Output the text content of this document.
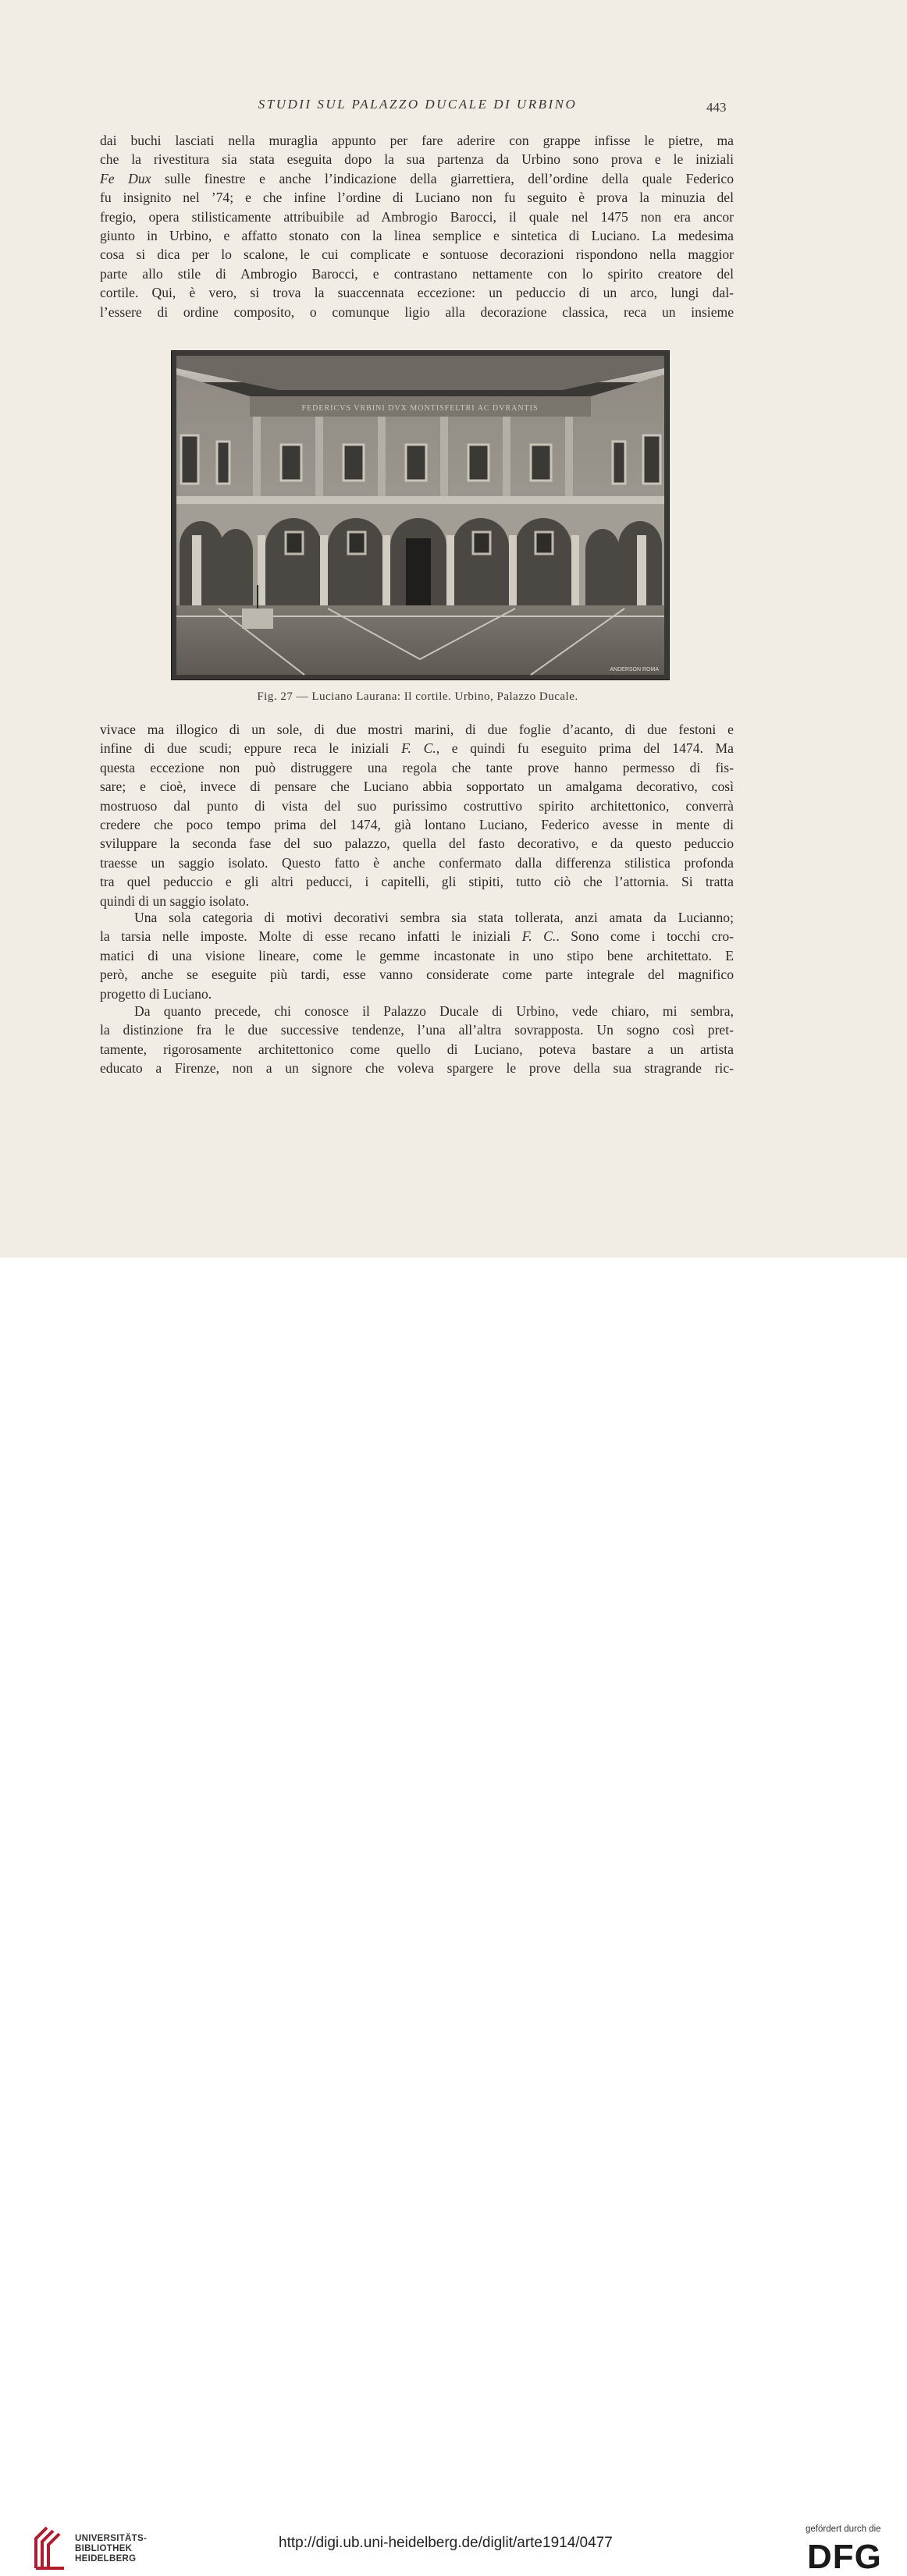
STUDII SUL PALAZZO DUCALE DI URBINO	443

dai buchi lasciati nella muraglia appunto per fare aderire con grappe infisse le pietre, ma
che la rivestitura sia stata eseguita dopo la sua partenza da Urbino sono prova e le iniziali
Fe Dux sulle finestre e anche l’indicazione della giarrettiera, dell’ordine della quale Federico
fu insignito nel ’74; e che infine l’ordine di Luciano non fu seguito è prova la minuzia del
fregio, opera stilisticamente attribuibile ad Ambrogio Barocci, il quale nel 1475 non era ancor
giunto in Urbino, e affatto stonato con la linea semplice e sintetica di Luciano. La medesima
cosa si dica per lo scalone, le cui complicate e sontuose decorazioni rispondono nella maggior
parte allo stile di Ambrogio Barocci, e contrastano nettamente con lo spirito creatore del
cortile. Qui, è vero, si trova la suaccennata eccezione: un peduccio di un arco, lungi dal-
l’essere di ordine composito, o comunque ligio alla decorazione classica, reca un insieme

FEDERICVS VRBINI DVX MONTISFELTRI AC DVRANTIS
ANDERSON ROMA
Fig. 27 — Luciano Laurana: Il cortile. Urbino, Palazzo Ducale.

vivace ma illogico di un sole, di due mostri marini, di due foglie d’acanto, di due festoni e
infine di due scudi; eppure reca le iniziali F. C., e quindi fu eseguito prima del 1474. Ma
questa eccezione non può distruggere una regola che tante prove hanno permesso di fis-
sare; e cioè, invece di pensare che Luciano abbia sopportato un amalgama decorativo, così
mostruoso dal punto di vista del suo purissimo costruttivo spirito architettonico, converrà
credere che poco tempo prima del 1474, già lontano Luciano, Federico avesse in mente di
sviluppare la seconda fase del suo palazzo, quella del fasto decorativo, e da questo peduccio
traesse un saggio isolato. Questo fatto è anche confermato dalla differenza stilistica profonda
tra quel peduccio e gli altri peducci, i capitelli, gli stipiti, tutto ciò che l’attornia. Si tratta
quindi di un saggio isolato.

Una sola categoria di motivi decorativi sembra sia stata tollerata, anzi amata da Lucianno;
la tarsia nelle imposte. Molte di esse recano infatti le iniziali F. C.. Sono come i tocchi cro-
matici di una visione lineare, come le gemme incastonate in uno stipo bene architettato. E
però, anche se eseguite più tardi, esse vanno considerate come parte integrale del magnifico
progetto di Luciano.

Da quanto precede, chi conosce il Palazzo Ducale di Urbino, vede chiaro, mi sembra,
la distinzione fra le due successive tendenze, l’una all’altra sovrapposta. Un sogno così pret-
tamente, rigorosamente architettonico come quello di Luciano, poteva bastare a un artista
educato a Firenze, non a un signore che voleva spargere le prove della sua stragrande ric-

UNIVERSITÄTS-
BIBLIOTHEK
HEIDELBERG
http://digi.ub.uni-heidelberg.de/diglit/arte1914/0477
gefördert durch die
DFG
